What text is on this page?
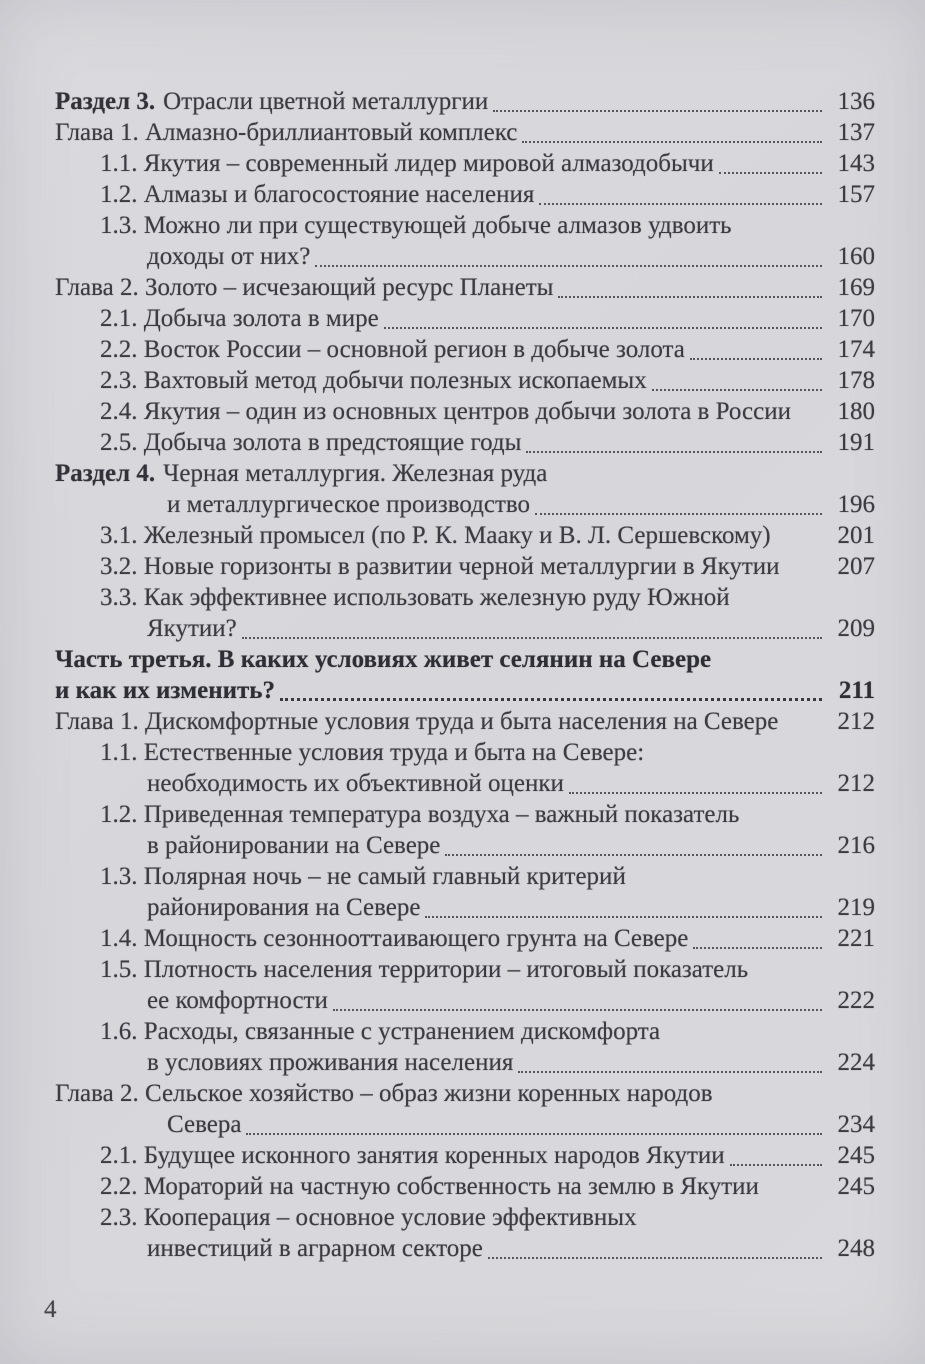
Раздел 3. Отрасли цветной металлургии	136
Глава 1. Алмазно-бриллиантовый комплекс	137
1.1. Якутия – современный лидер мировой алмазодобычи	143
1.2. Алмазы и благосостояние населения	157
1.3. Можно ли при существующей добыче алмазов удвоить
доходы от них?	160
Глава 2. Золото – исчезающий ресурс Планеты	169
2.1. Добыча золота в мире	170
2.2. Восток России – основной регион в добыче золота	174
2.3. Вахтовый метод добычи полезных ископаемых	178
2.4. Якутия – один из основных центров добычи золота в России	180
2.5. Добыча золота в предстоящие годы	191
Раздел 4. Черная металлургия. Железная руда
и металлургическое производство	196
3.1. Железный промысел (по Р. К. Мааку и В. Л. Сершевскому)	201
3.2. Новые горизонты в развитии черной металлургии в Якутии	207
3.3. Как эффективнее использовать железную руду Южной
Якутии?	209
Часть третья. В каких условиях живет селянин на Севере
и как их изменить?	211
Глава 1. Дискомфортные условия труда и быта населения на Севере	212
1.1. Естественные условия труда и быта на Севере:
необходимость их объективной оценки	212
1.2. Приведенная температура воздуха – важный показатель
в районировании на Севере	216
1.3. Полярная ночь – не самый главный критерий
районирования на Севере	219
1.4. Мощность сезоннооттаивающего грунта на Севере	221
1.5. Плотность населения территории – итоговый показатель
ее комфортности	222
1.6. Расходы, связанные с устранением дискомфорта
в условиях проживания населения	224
Глава 2. Сельское хозяйство – образ жизни коренных народов
Севера	234
2.1. Будущее исконного занятия коренных народов Якутии	245
2.2. Мораторий на частную собственность на землю в Якутии	245
2.3. Кооперация – основное условие эффективных
инвестиций в аграрном секторе	248
4
